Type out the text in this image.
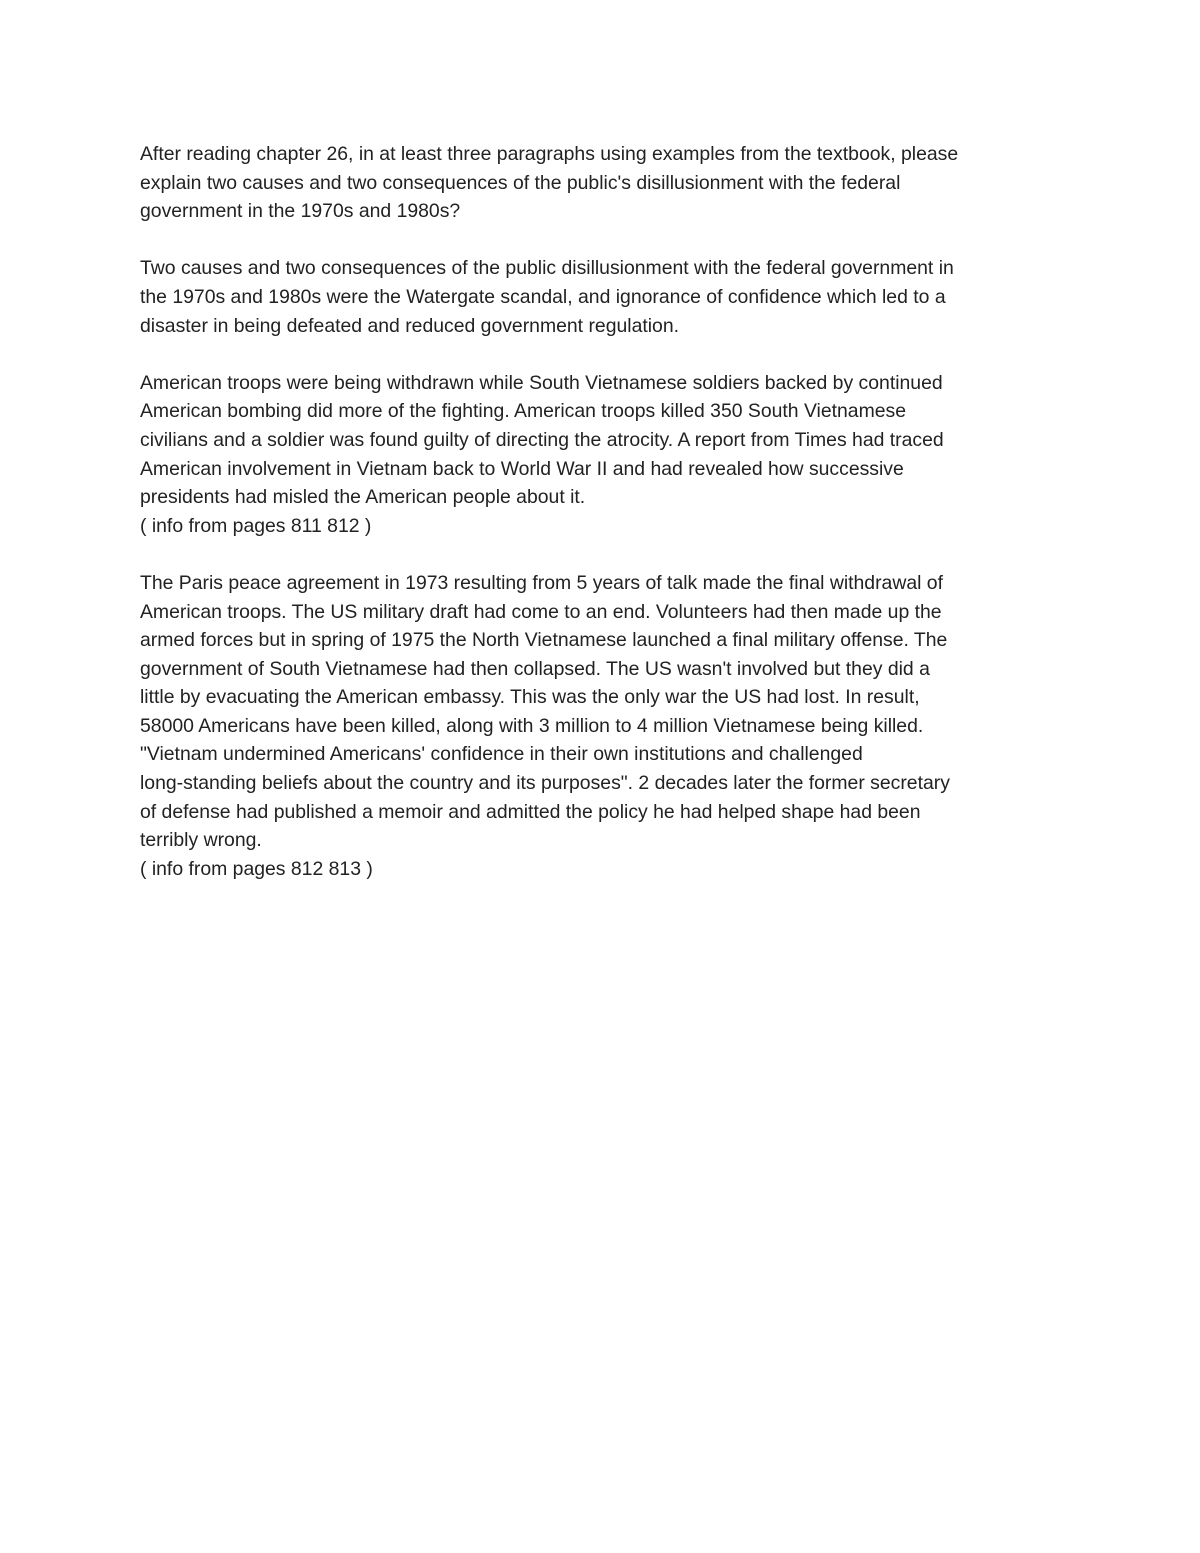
After reading chapter 26, in at least three paragraphs using examples from the textbook, please
explain two causes and two consequences of the public's disillusionment with the federal
government in the 1970s and 1980s?

Two causes and two consequences of the public disillusionment with the federal government in
the 1970s and 1980s were the Watergate scandal, and ignorance of confidence which led to a
disaster in being defeated and reduced government regulation.

American troops were being withdrawn while South Vietnamese soldiers backed by continued
American bombing did more of the fighting. American troops killed 350 South Vietnamese
civilians and a soldier was found guilty of directing the atrocity. A report from Times had traced
American involvement in Vietnam back to World War II and had revealed how successive
presidents had misled the American people about it.
( info from pages 811 812 )

The Paris peace agreement in 1973 resulting from 5 years of talk made the final withdrawal of
American troops. The US military draft had come to an end. Volunteers had then made up the
armed forces but in spring of 1975 the North Vietnamese launched a final military offense. The
government of South Vietnamese had then collapsed. The US wasn't involved but they did a
little by evacuating the American embassy. This was the only war the US had lost. In result,
58000 Americans have been killed, along with 3 million to 4 million Vietnamese being killed.
"Vietnam undermined Americans' confidence in their own institutions and challenged
long-standing beliefs about the country and its purposes". 2 decades later the former secretary
of defense had published a memoir and admitted the policy he had helped shape had been
terribly wrong.
( info from pages 812 813 )
